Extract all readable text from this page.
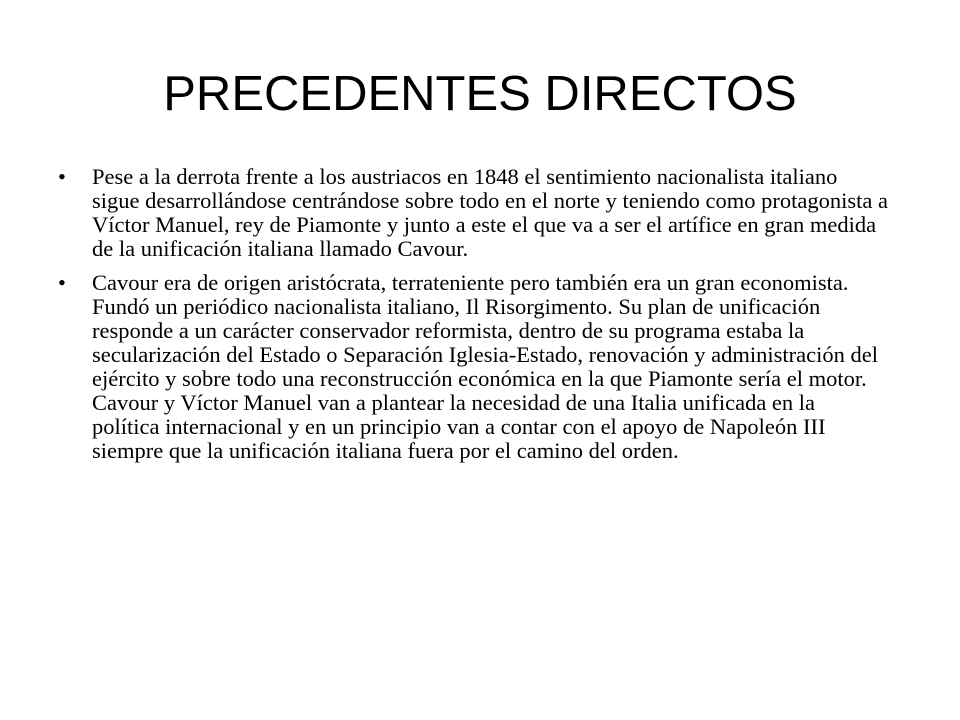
PRECEDENTES DIRECTOS
• Pese a la derrota frente a los austriacos en 1848 el sentimiento nacionalista italiano sigue desarrollándose centrándose sobre todo en el norte y teniendo como protagonista a Víctor Manuel, rey de Piamonte y junto a este el que va a ser el artífice en gran medida de la unificación italiana llamado Cavour.
• Cavour era de origen aristócrata, terrateniente pero también era un gran economista. Fundó un periódico nacionalista italiano, Il Risorgimento. Su plan de unificación responde a un carácter conservador reformista, dentro de su programa estaba la secularización del Estado o Separación Iglesia-Estado, renovación y administración del ejército y sobre todo una reconstrucción económica en la que Piamonte sería el motor. Cavour y Víctor Manuel van a plantear la necesidad de una Italia unificada en la política internacional y en un principio van a contar con el apoyo de Napoleón III siempre que la unificación italiana fuera por el camino del orden.
